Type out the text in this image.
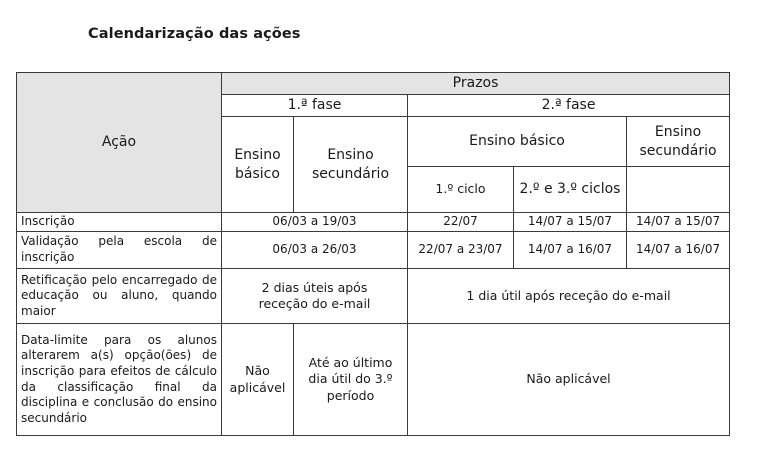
Calendarização das ações
Ação	Prazos				
	1.ª fase		2.ª fase		
	Ensino básico	Ensino secundário	Ensino básico		Ensino secundário
			1.º ciclo	2.º e 3.º ciclos	
Inscrição	06/03 a 19/03		22/07	14/07 a 15/07	14/07 a 15/07
Validação pela escola de inscrição	06/03 a 26/03		22/07 a 23/07	14/07 a 16/07	14/07 a 16/07
Retificação pelo encarregado de educação ou aluno, quando maior	2 dias úteis após receção do e-mail		1 dia útil após receção do e-mail		
Data-limite para os alunos alterarem a(s) opção(ões) de inscrição para efeitos de cálculo da classificação final da disciplina e conclusão do ensino secundário	Não aplicável	Até ao último dia útil do 3.º período	Não aplicável		
